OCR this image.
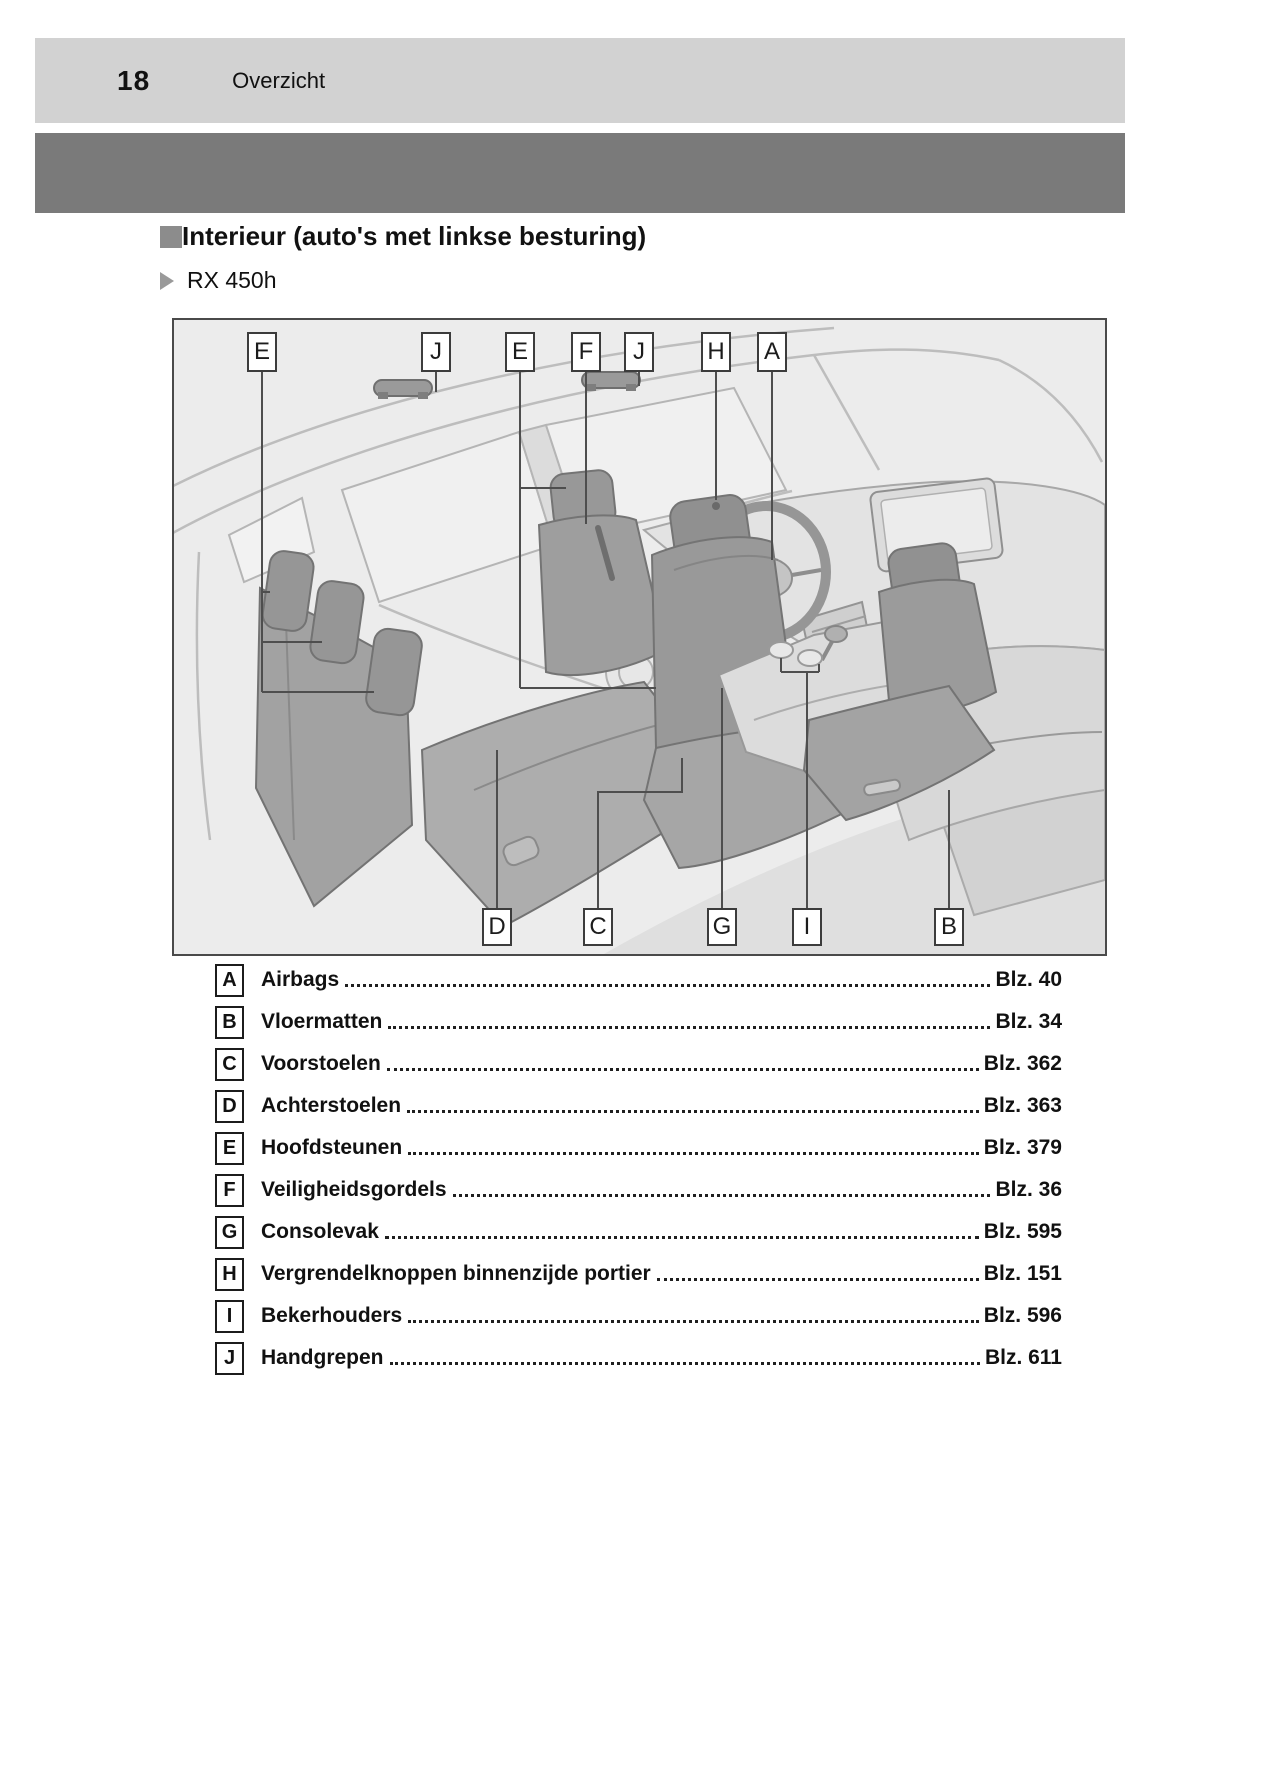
18	Overzicht
Interieur (auto's met linkse besturing)
RX 450h
E	J	E	F	J	H A
D	C	G	I	B
A	Airbags	Blz. 40
B	Vloermatten	Blz. 34
C	Voorstoelen	Blz. 362
D	Achterstoelen	Blz. 363
E	Hoofdsteunen	Blz. 379
F	Veiligheidsgordels	Blz. 36
G	Consolevak	Blz. 595
H	Vergrendelknoppen binnenzijde portier	Blz. 151
I	Bekerhouders	Blz. 596
J	Handgrepen	Blz. 611
